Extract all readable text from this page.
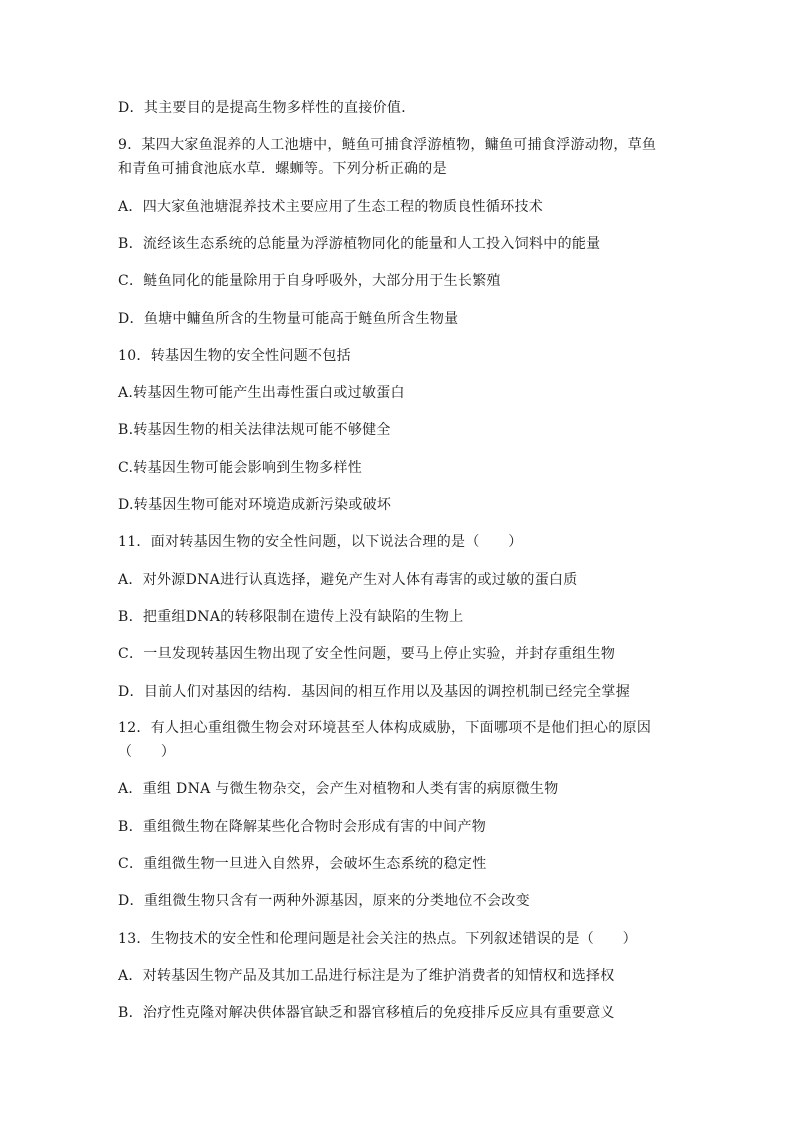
D．其主要目的是提高生物多样性的直接价值．

9．某四大家鱼混养的人工池塘中，鲢鱼可捕食浮游植物，鳙鱼可捕食浮游动物，草鱼

和青鱼可捕食池底水草．螺蛳等。下列分析正确的是

A．四大家鱼池塘混养技术主要应用了生态工程的物质良性循环技术

B．流经该生态系统的总能量为浮游植物同化的能量和人工投入饲料中的能量

C．鲢鱼同化的能量除用于自身呼吸外，大部分用于生长繁殖

D．鱼塘中鳙鱼所含的生物量可能高于鲢鱼所含生物量

10．转基因生物的安全性问题不包括

A.转基因生物可能产生出毒性蛋白或过敏蛋白

B.转基因生物的相关法律法规可能不够健全

C.转基因生物可能会影响到生物多样性

D.转基因生物可能对环境造成新污染或破坏

11．面对转基因生物的安全性问题，以下说法合理的是（　　）

A．对外源DNA进行认真选择，避免产生对人体有毒害的或过敏的蛋白质

B．把重组DNA的转移限制在遗传上没有缺陷的生物上

C．一旦发现转基因生物出现了安全性问题，要马上停止实验，并封存重组生物

D．目前人们对基因的结构．基因间的相互作用以及基因的调控机制已经完全掌握

12．有人担心重组微生物会对环境甚至人体构成威胁，下面哪项不是他们担心的原因

（　　）

A．重组 DNA 与微生物杂交，会产生对植物和人类有害的病原微生物

B．重组微生物在降解某些化合物时会形成有害的中间产物

C．重组微生物一旦进入自然界，会破坏生态系统的稳定性

D．重组微生物只含有一两种外源基因，原来的分类地位不会改变

13．生物技术的安全性和伦理问题是社会关注的热点。下列叙述错误的是（　　）

A．对转基因生物产品及其加工品进行标注是为了维护消费者的知情权和选择权

B．治疗性克隆对解决供体器官缺乏和器官移植后的免疫排斥反应具有重要意义
